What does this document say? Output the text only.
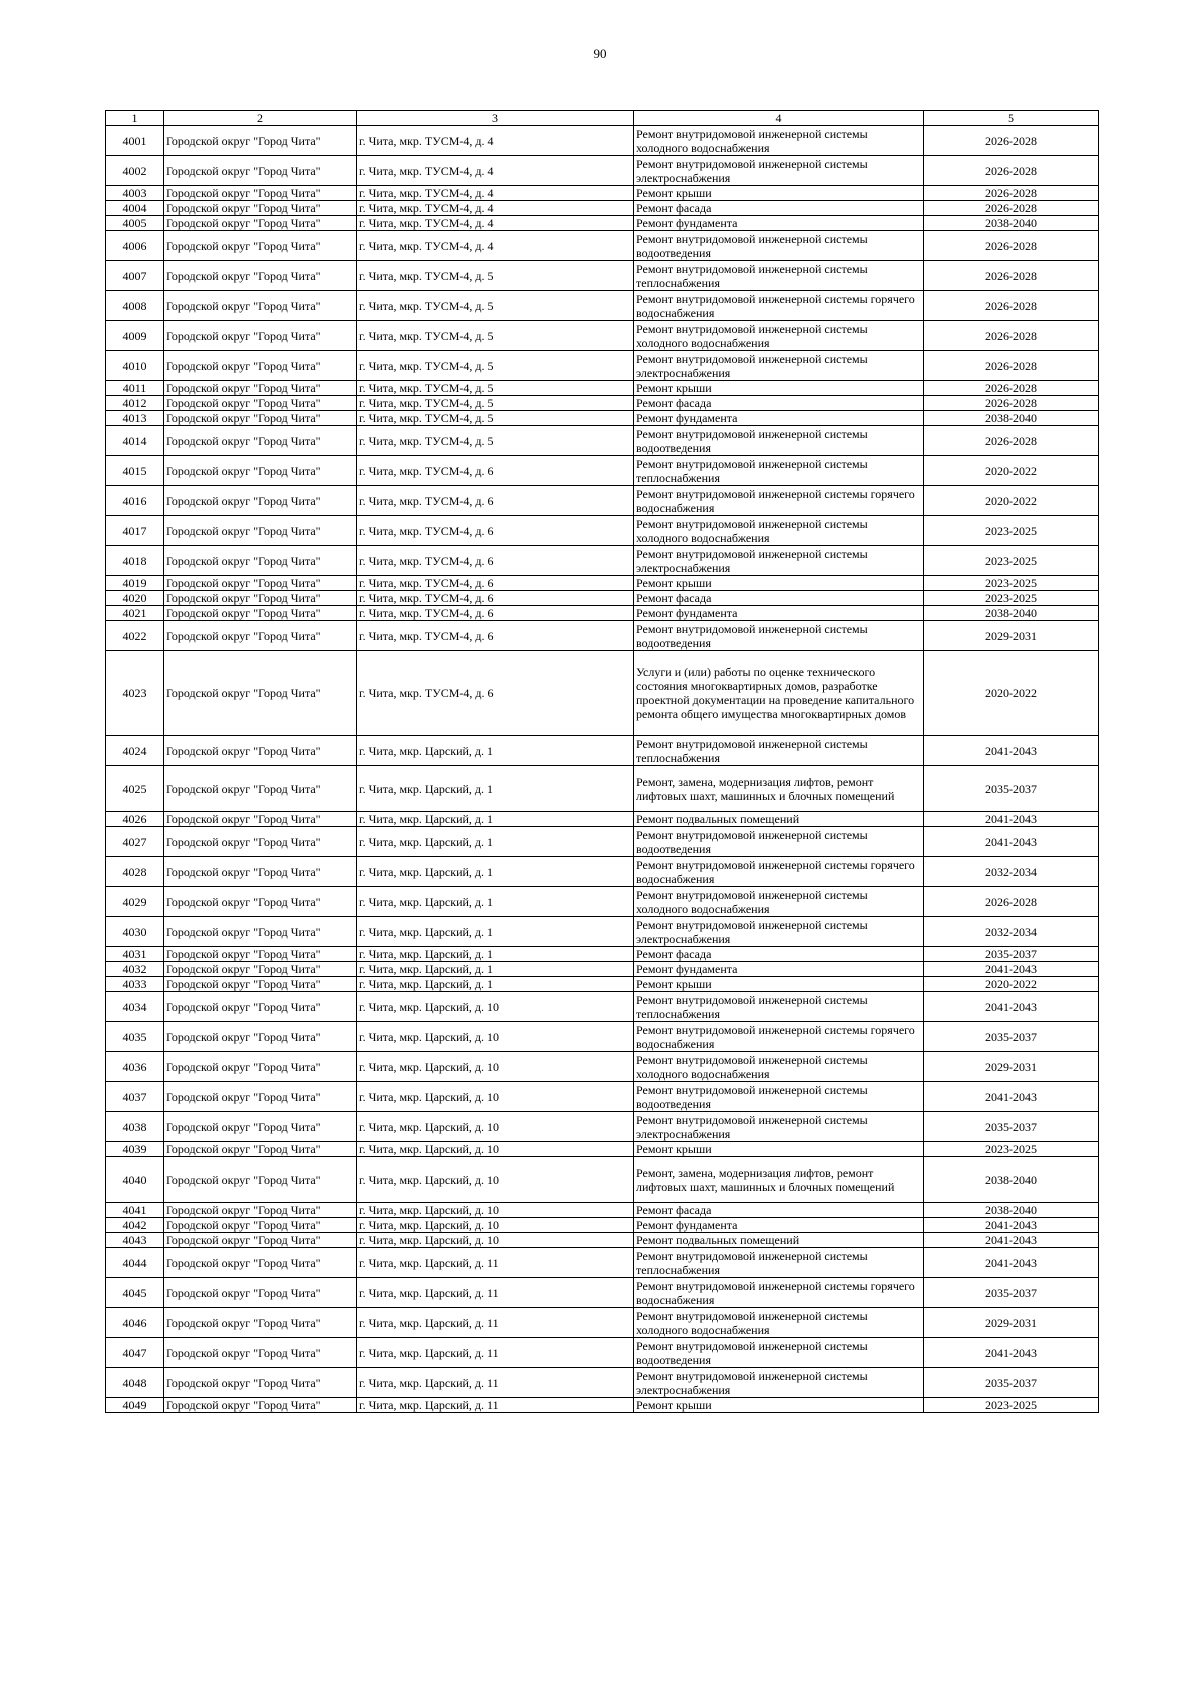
90
1	2	3	4	5
4001	Городской округ "Город Чита"	г. Чита, мкр. ТУСМ-4, д. 4	Ремонт внутридомовой инженерной системы холодного водоснабжения	2026-2028
4002	Городской округ "Город Чита"	г. Чита, мкр. ТУСМ-4, д. 4	Ремонт внутридомовой инженерной системы электроснабжения	2026-2028
4003	Городской округ "Город Чита"	г. Чита, мкр. ТУСМ-4, д. 4	Ремонт крыши	2026-2028
4004	Городской округ "Город Чита"	г. Чита, мкр. ТУСМ-4, д. 4	Ремонт фасада	2026-2028
4005	Городской округ "Город Чита"	г. Чита, мкр. ТУСМ-4, д. 4	Ремонт фундамента	2038-2040
4006	Городской округ "Город Чита"	г. Чита, мкр. ТУСМ-4, д. 4	Ремонт внутридомовой инженерной системы водоотведения	2026-2028
4007	Городской округ "Город Чита"	г. Чита, мкр. ТУСМ-4, д. 5	Ремонт внутридомовой инженерной системы теплоснабжения	2026-2028
4008	Городской округ "Город Чита"	г. Чита, мкр. ТУСМ-4, д. 5	Ремонт внутридомовой инженерной системы горячего водоснабжения	2026-2028
4009	Городской округ "Город Чита"	г. Чита, мкр. ТУСМ-4, д. 5	Ремонт внутридомовой инженерной системы холодного водоснабжения	2026-2028
4010	Городской округ "Город Чита"	г. Чита, мкр. ТУСМ-4, д. 5	Ремонт внутридомовой инженерной системы электроснабжения	2026-2028
4011	Городской округ "Город Чита"	г. Чита, мкр. ТУСМ-4, д. 5	Ремонт крыши	2026-2028
4012	Городской округ "Город Чита"	г. Чита, мкр. ТУСМ-4, д. 5	Ремонт фасада	2026-2028
4013	Городской округ "Город Чита"	г. Чита, мкр. ТУСМ-4, д. 5	Ремонт фундамента	2038-2040
4014	Городской округ "Город Чита"	г. Чита, мкр. ТУСМ-4, д. 5	Ремонт внутридомовой инженерной системы водоотведения	2026-2028
4015	Городской округ "Город Чита"	г. Чита, мкр. ТУСМ-4, д. 6	Ремонт внутридомовой инженерной системы теплоснабжения	2020-2022
4016	Городской округ "Город Чита"	г. Чита, мкр. ТУСМ-4, д. 6	Ремонт внутридомовой инженерной системы горячего водоснабжения	2020-2022
4017	Городской округ "Город Чита"	г. Чита, мкр. ТУСМ-4, д. 6	Ремонт внутридомовой инженерной системы холодного водоснабжения	2023-2025
4018	Городской округ "Город Чита"	г. Чита, мкр. ТУСМ-4, д. 6	Ремонт внутридомовой инженерной системы электроснабжения	2023-2025
4019	Городской округ "Город Чита"	г. Чита, мкр. ТУСМ-4, д. 6	Ремонт крыши	2023-2025
4020	Городской округ "Город Чита"	г. Чита, мкр. ТУСМ-4, д. 6	Ремонт фасада	2023-2025
4021	Городской округ "Город Чита"	г. Чита, мкр. ТУСМ-4, д. 6	Ремонт фундамента	2038-2040
4022	Городской округ "Город Чита"	г. Чита, мкр. ТУСМ-4, д. 6	Ремонт внутридомовой инженерной системы водоотведения	2029-2031
4023	Городской округ "Город Чита"	г. Чита, мкр. ТУСМ-4, д. 6	Услуги и (или) работы по оценке технического состояния многоквартирных домов, разработке проектной документации на проведение капитального ремонта общего имущества многоквартирных домов	2020-2022
4024	Городской округ "Город Чита"	г. Чита, мкр. Царский, д. 1	Ремонт внутридомовой инженерной системы теплоснабжения	2041-2043
4025	Городской округ "Город Чита"	г. Чита, мкр. Царский, д. 1	Ремонт, замена, модернизация лифтов, ремонт лифтовых шахт, машинных и блочных помещений	2035-2037
4026	Городской округ "Город Чита"	г. Чита, мкр. Царский, д. 1	Ремонт подвальных помещений	2041-2043
4027	Городской округ "Город Чита"	г. Чита, мкр. Царский, д. 1	Ремонт внутридомовой инженерной системы водоотведения	2041-2043
4028	Городской округ "Город Чита"	г. Чита, мкр. Царский, д. 1	Ремонт внутридомовой инженерной системы горячего водоснабжения	2032-2034
4029	Городской округ "Город Чита"	г. Чита, мкр. Царский, д. 1	Ремонт внутридомовой инженерной системы холодного водоснабжения	2026-2028
4030	Городской округ "Город Чита"	г. Чита, мкр. Царский, д. 1	Ремонт внутридомовой инженерной системы электроснабжения	2032-2034
4031	Городской округ "Город Чита"	г. Чита, мкр. Царский, д. 1	Ремонт фасада	2035-2037
4032	Городской округ "Город Чита"	г. Чита, мкр. Царский, д. 1	Ремонт фундамента	2041-2043
4033	Городской округ "Город Чита"	г. Чита, мкр. Царский, д. 1	Ремонт крыши	2020-2022
4034	Городской округ "Город Чита"	г. Чита, мкр. Царский, д. 10	Ремонт внутридомовой инженерной системы теплоснабжения	2041-2043
4035	Городской округ "Город Чита"	г. Чита, мкр. Царский, д. 10	Ремонт внутридомовой инженерной системы горячего водоснабжения	2035-2037
4036	Городской округ "Город Чита"	г. Чита, мкр. Царский, д. 10	Ремонт внутридомовой инженерной системы холодного водоснабжения	2029-2031
4037	Городской округ "Город Чита"	г. Чита, мкр. Царский, д. 10	Ремонт внутридомовой инженерной системы водоотведения	2041-2043
4038	Городской округ "Город Чита"	г. Чита, мкр. Царский, д. 10	Ремонт внутридомовой инженерной системы электроснабжения	2035-2037
4039	Городской округ "Город Чита"	г. Чита, мкр. Царский, д. 10	Ремонт крыши	2023-2025
4040	Городской округ "Город Чита"	г. Чита, мкр. Царский, д. 10	Ремонт, замена, модернизация лифтов, ремонт лифтовых шахт, машинных и блочных помещений	2038-2040
4041	Городской округ "Город Чита"	г. Чита, мкр. Царский, д. 10	Ремонт фасада	2038-2040
4042	Городской округ "Город Чита"	г. Чита, мкр. Царский, д. 10	Ремонт фундамента	2041-2043
4043	Городской округ "Город Чита"	г. Чита, мкр. Царский, д. 10	Ремонт подвальных помещений	2041-2043
4044	Городской округ "Город Чита"	г. Чита, мкр. Царский, д. 11	Ремонт внутридомовой инженерной системы теплоснабжения	2041-2043
4045	Городской округ "Город Чита"	г. Чита, мкр. Царский, д. 11	Ремонт внутридомовой инженерной системы горячего водоснабжения	2035-2037
4046	Городской округ "Город Чита"	г. Чита, мкр. Царский, д. 11	Ремонт внутридомовой инженерной системы холодного водоснабжения	2029-2031
4047	Городской округ "Город Чита"	г. Чита, мкр. Царский, д. 11	Ремонт внутридомовой инженерной системы водоотведения	2041-2043
4048	Городской округ "Город Чита"	г. Чита, мкр. Царский, д. 11	Ремонт внутридомовой инженерной системы электроснабжения	2035-2037
4049	Городской округ "Город Чита"	г. Чита, мкр. Царский, д. 11	Ремонт крыши	2023-2025
